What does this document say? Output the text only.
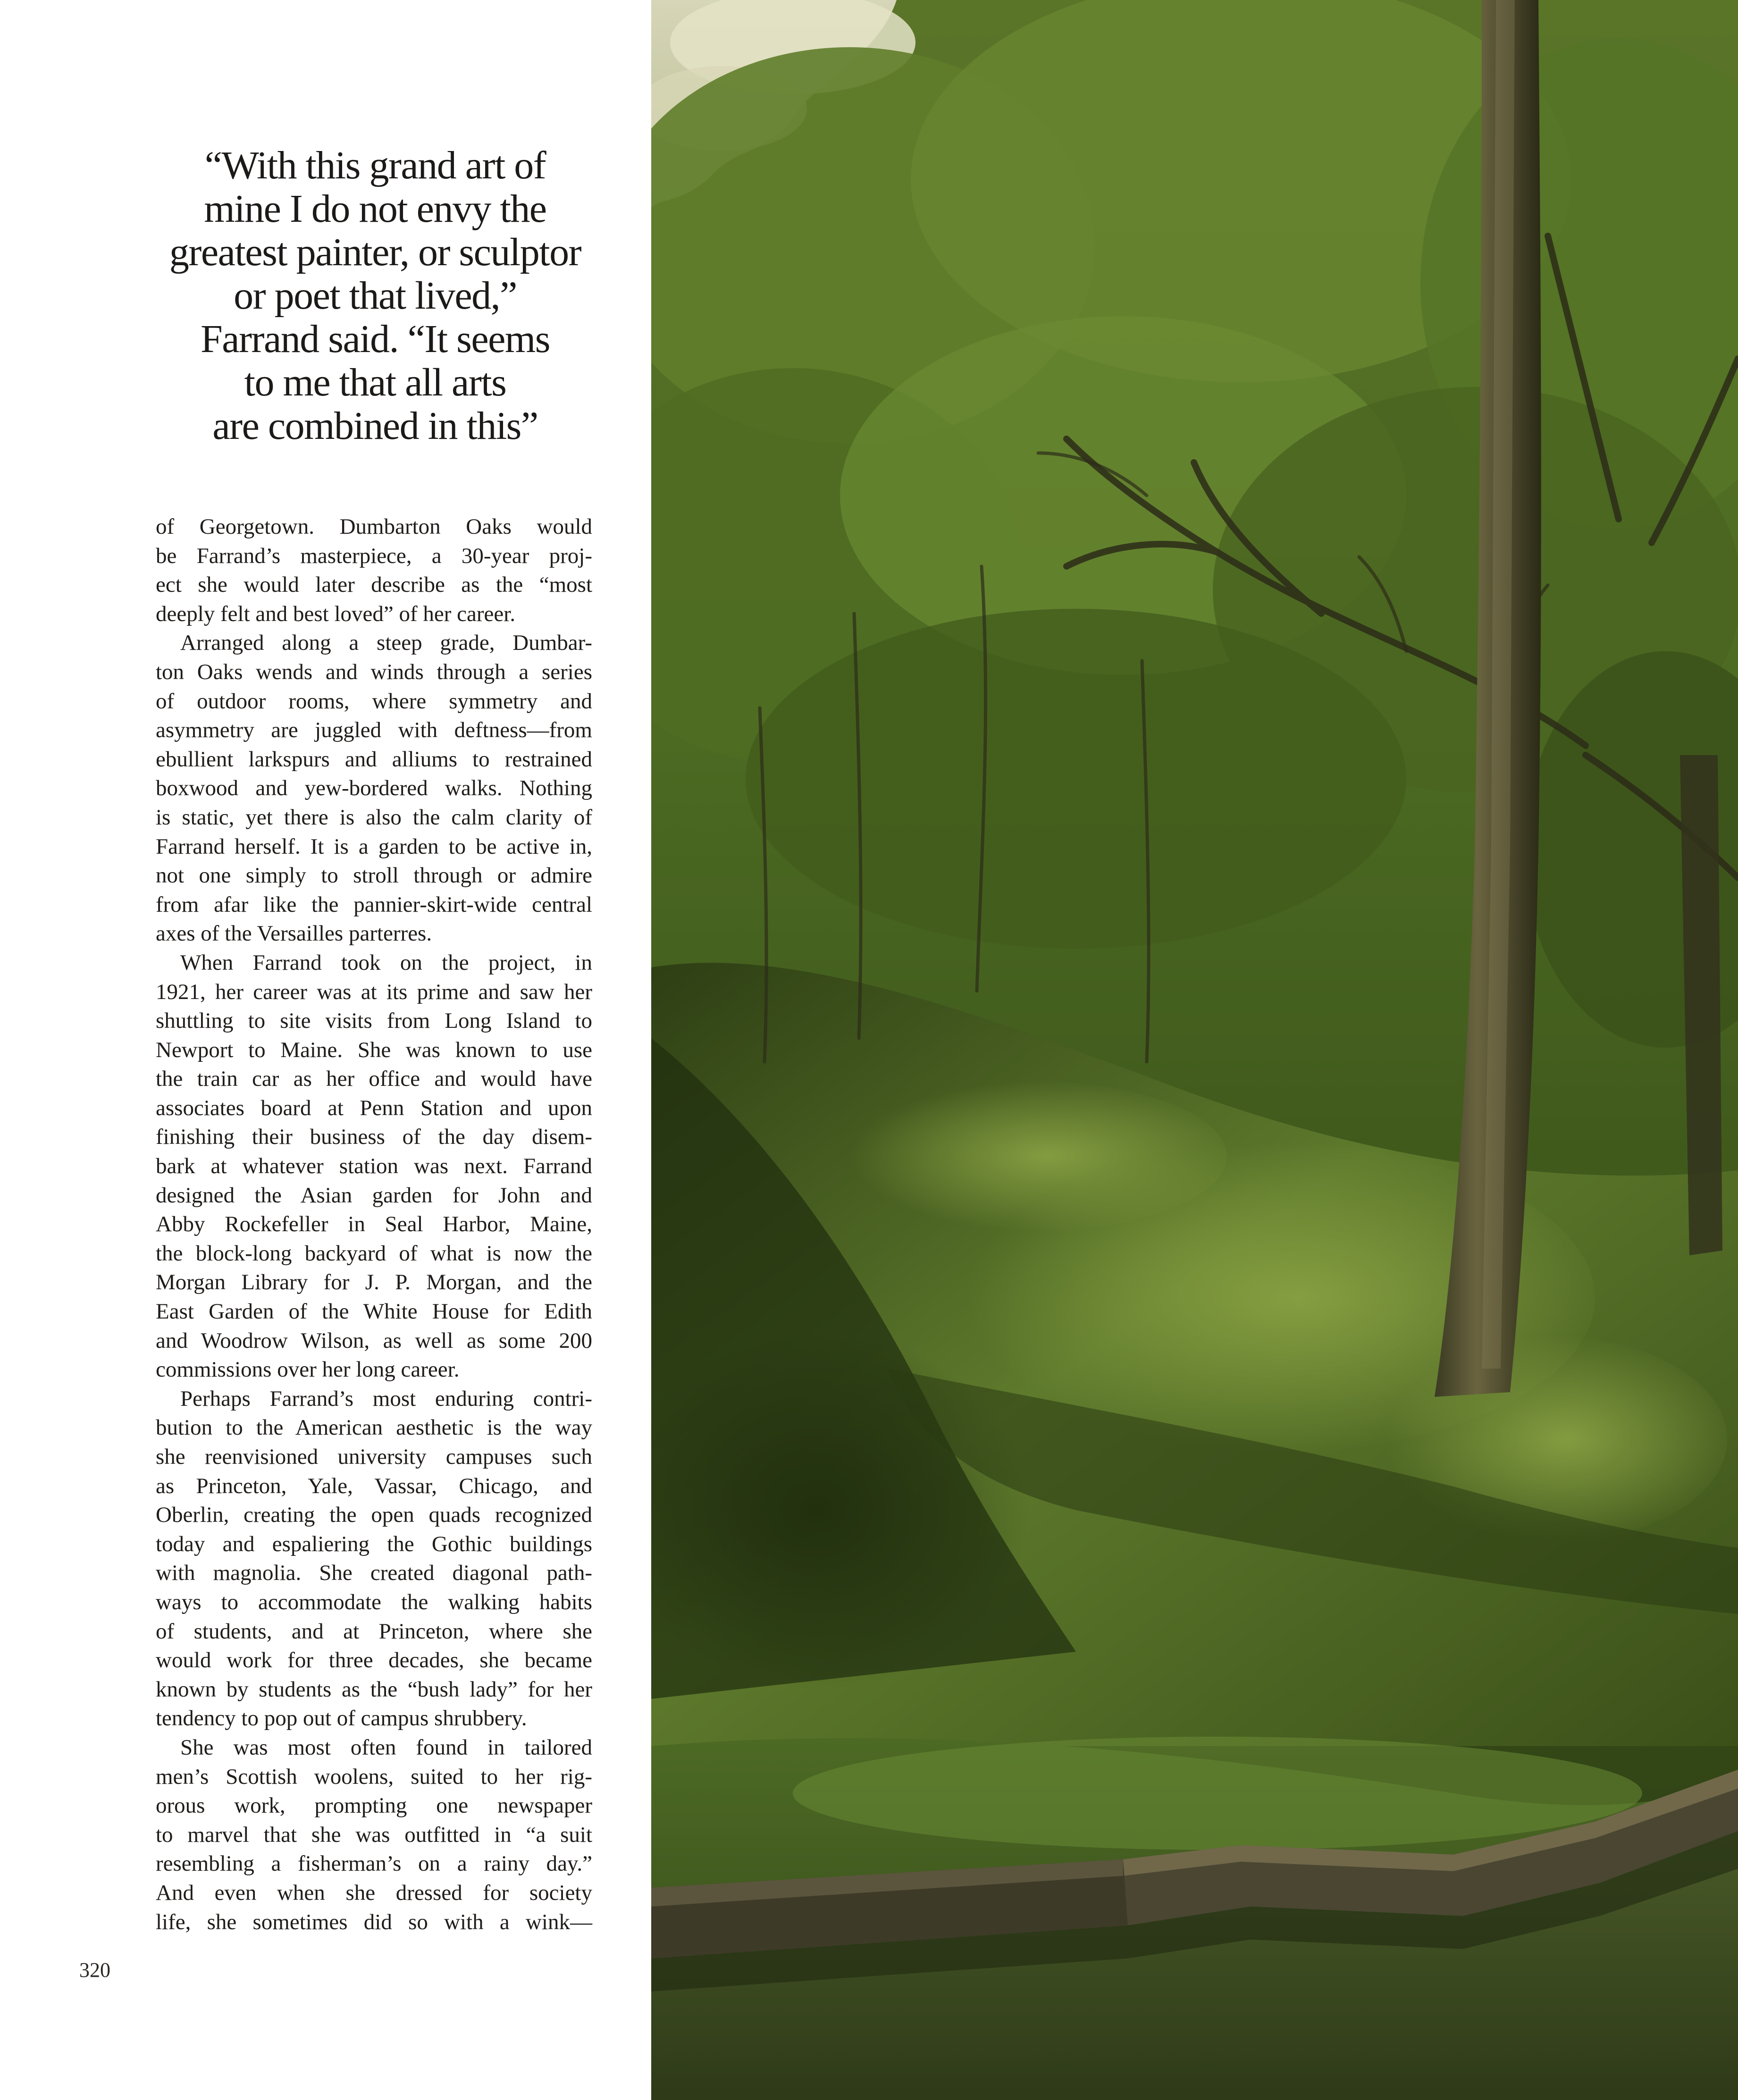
“With this grand art of
mine I do not envy the
greatest painter, or sculptor
or poet that lived,”
Farrand said. “It seems
to me that all arts
are combined in this”
of Georgetown. Dumbarton Oaks would
be Farrand’s masterpiece, a 30-year proj-
ect she would later describe as the “most
deeply felt and best loved” of her career.
Arranged along a steep grade, Dumbar-
ton Oaks wends and winds through a series
of outdoor rooms, where symmetry and
asymmetry are juggled with deftness—from
ebullient larkspurs and alliums to restrained
boxwood and yew-bordered walks. Nothing
is static, yet there is also the calm clarity of
Farrand herself. It is a garden to be active in,
not one simply to stroll through or admire
from afar like the pannier-skirt-wide central
axes of the Versailles parterres.
When Farrand took on the project, in
1921, her career was at its prime and saw her
shuttling to site visits from Long Island to
Newport to Maine. She was known to use
the train car as her office and would have
associates board at Penn Station and upon
finishing their business of the day disem-
bark at whatever station was next. Farrand
designed the Asian garden for John and
Abby Rockefeller in Seal Harbor, Maine,
the block-long backyard of what is now the
Morgan Library for J. P. Morgan, and the
East Garden of the White House for Edith
and Woodrow Wilson, as well as some 200
commissions over her long career.
Perhaps Farrand’s most enduring contri-
bution to the American aesthetic is the way
she reenvisioned university campuses such
as Princeton, Yale, Vassar, Chicago, and
Oberlin, creating the open quads recognized
today and espaliering the Gothic buildings
with magnolia. She created diagonal path-
ways to accommodate the walking habits
of students, and at Princeton, where she
would work for three decades, she became
known by students as the “bush lady” for her
tendency to pop out of campus shrubbery.
She was most often found in tailored
men’s Scottish woolens, suited to her rig-
orous work, prompting one newspaper
to marvel that she was outfitted in “a suit
resembling a fisherman’s on a rainy day.”
And even when she dressed for society
life, she sometimes did so with a wink—
320
